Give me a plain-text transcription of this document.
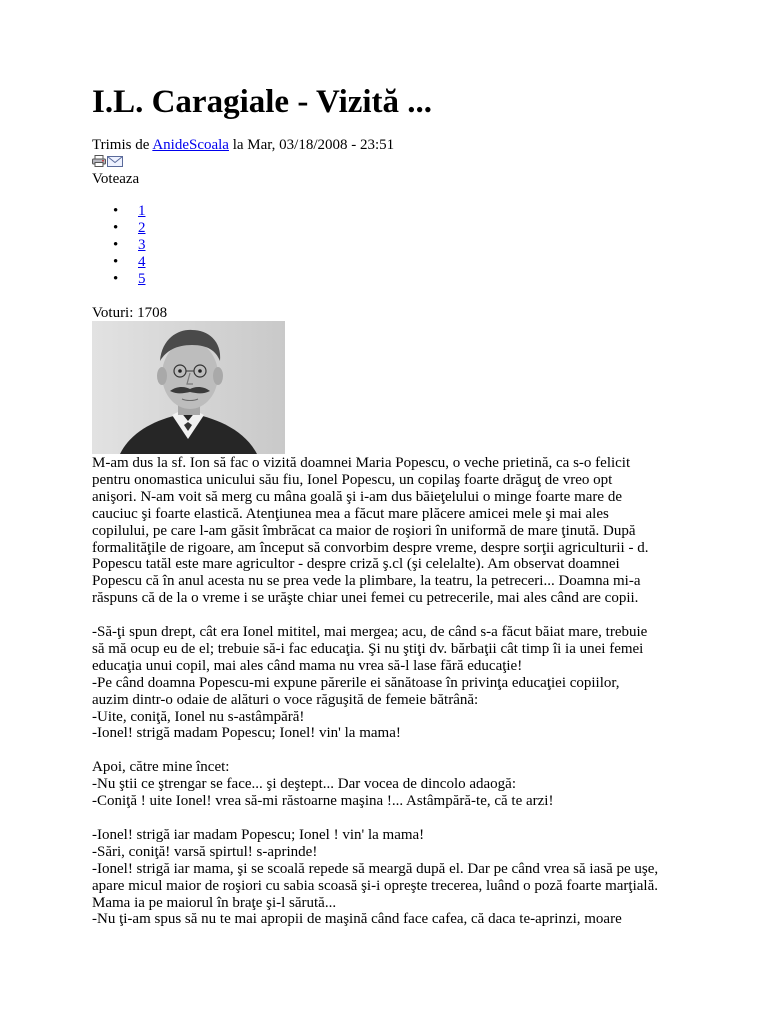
I.L. Caragiale - Vizită ...
Trimis de AnideScoala la Mar, 03/18/2008 - 23:51
Voteaza
• 1
• 2
• 3
• 4
• 5
Voturi: 1708

M-am dus la sf. Ion să fac o vizită doamnei Maria Popescu, o veche prietină, ca s-o felicit

pentru onomastica unicului său fiu, Ionel Popescu, un copilaş foarte drăguţ de vreo opt

anişori. N-am voit să merg cu mâna goală şi i-am dus băieţelului o minge foarte mare de

cauciuc şi foarte elastică. Atenţiunea mea a făcut mare plăcere amicei mele şi mai ales

copilului, pe care l-am găsit îmbrăcat ca maior de roşiori în uniformă de mare ţinută. După

formalităţile de rigoare, am început să convorbim despre vreme, despre sorţii agriculturii - d.

Popescu tatăl este mare agricultor - despre criză ş.cl (şi celelalte). Am observat doamnei

Popescu că în anul acesta nu se prea vede la plimbare, la teatru, la petreceri... Doamna mi-a

răspuns că de la o vreme i se urăşte chiar unei femei cu petrecerile, mai ales când are copii.

-Să-ţi spun drept, cât era Ionel mititel, mai mergea; acu, de când s-a făcut băiat mare, trebuie

să mă ocup eu de el; trebuie să-i fac educaţia. Şi nu ştiţi dv. bărbaţii cât timp îi ia unei femei

educaţia unui copil, mai ales când mama nu vrea să-l lase fără educaţie!

-Pe când doamna Popescu-mi expune părerile ei sănătoase în privinţa educaţiei copiilor,

auzim dintr-o odaie de alături o voce răguşită de femeie bătrână:

-Uite, coniţă, Ionel nu s-astâmpără!

-Ionel! strigă madam Popescu; Ionel! vin' la mama!

Apoi, către mine încet:

-Nu ştii ce ştrengar se face... şi deştept... Dar vocea de dincolo adaogă:

-Coniţă ! uite Ionel! vrea să-mi răstoarne maşina !... Astâmpără-te, că te arzi!

-Ionel! strigă iar madam Popescu; Ionel ! vin' la mama!

-Sări, coniţă! varsă spirtul! s-aprinde!

-Ionel! strigă iar mama, şi se scoală repede să meargă după el. Dar pe când vrea să iasă pe uşe,

apare micul maior de roşiori cu sabia scoasă şi-i opreşte trecerea, luând o poză foarte marţială.

Mama ia pe maiorul în braţe şi-l sărută...

-Nu ţi-am spus să nu te mai apropii de maşină când face cafea, că daca te-aprinzi, moare
